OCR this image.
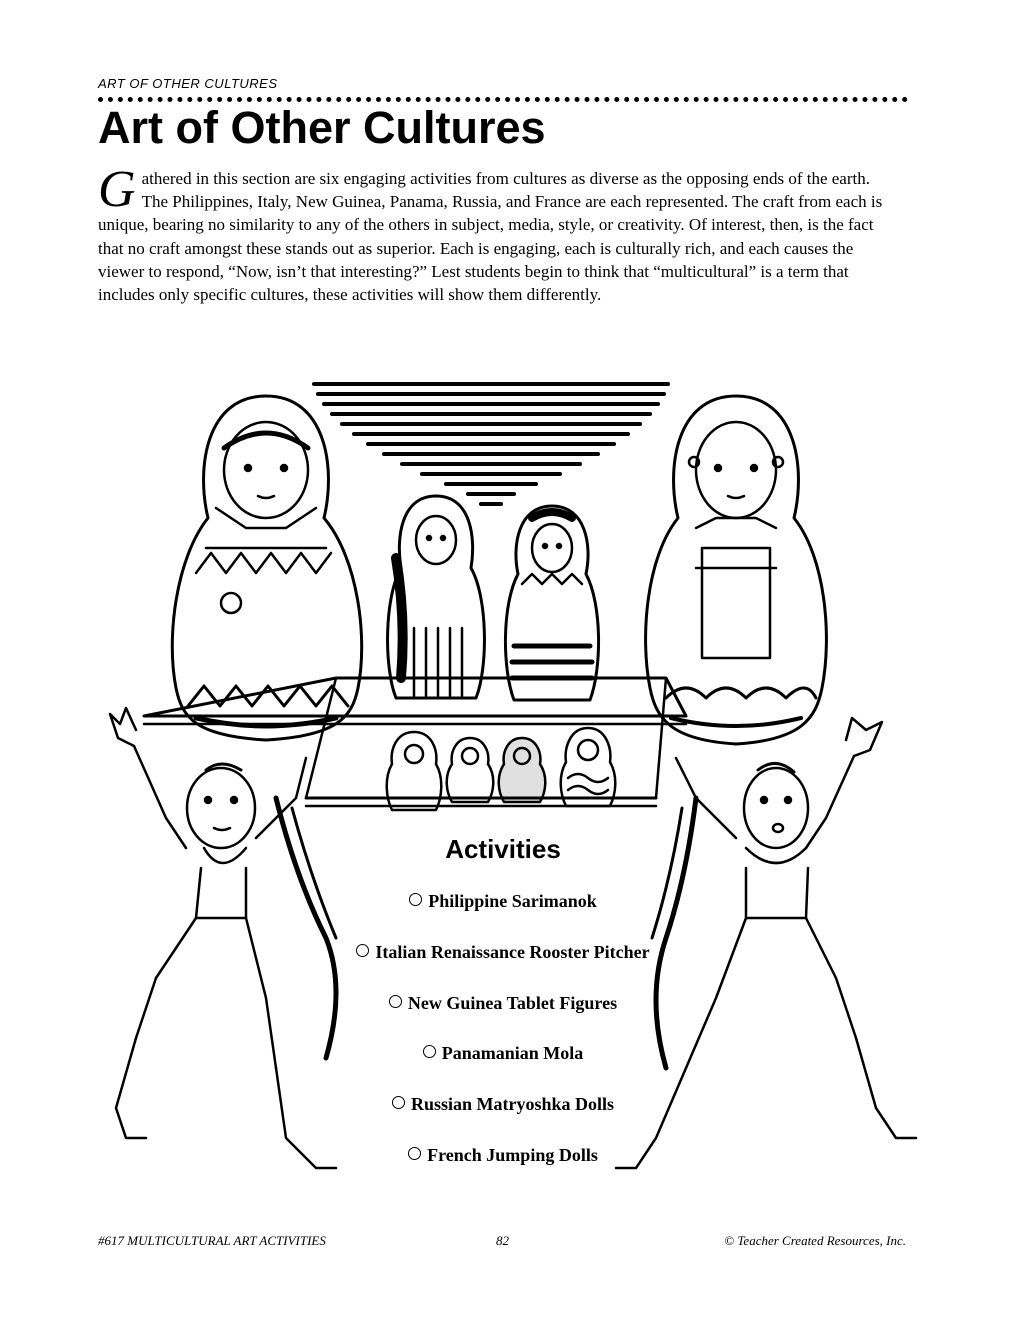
ART OF OTHER CULTURES
Art of Other Cultures
Gathered in this section are six engaging activities from cultures as diverse as the opposing ends of the earth. The Philippines, Italy, New Guinea, Panama, Russia, and France are each represented. The craft from each is unique, bearing no similarity to any of the others in subject, media, style, or creativity. Of interest, then, is the fact that no craft amongst these stands out as superior. Each is engaging, each is culturally rich, and each causes the viewer to respond, “Now, isn’t that interesting?” Lest students begin to think that “multicultural” is a term that includes only specific cultures, these activities will show them differently.
Activities
Philippine Sarimanok
Italian Renaissance Rooster Pitcher
New Guinea Tablet Figures
Panamanian Mola
Russian Matryoshka Dolls
French Jumping Dolls
#617 MULTICULTURAL ART ACTIVITIES	82	© Teacher Created Resources, Inc.
